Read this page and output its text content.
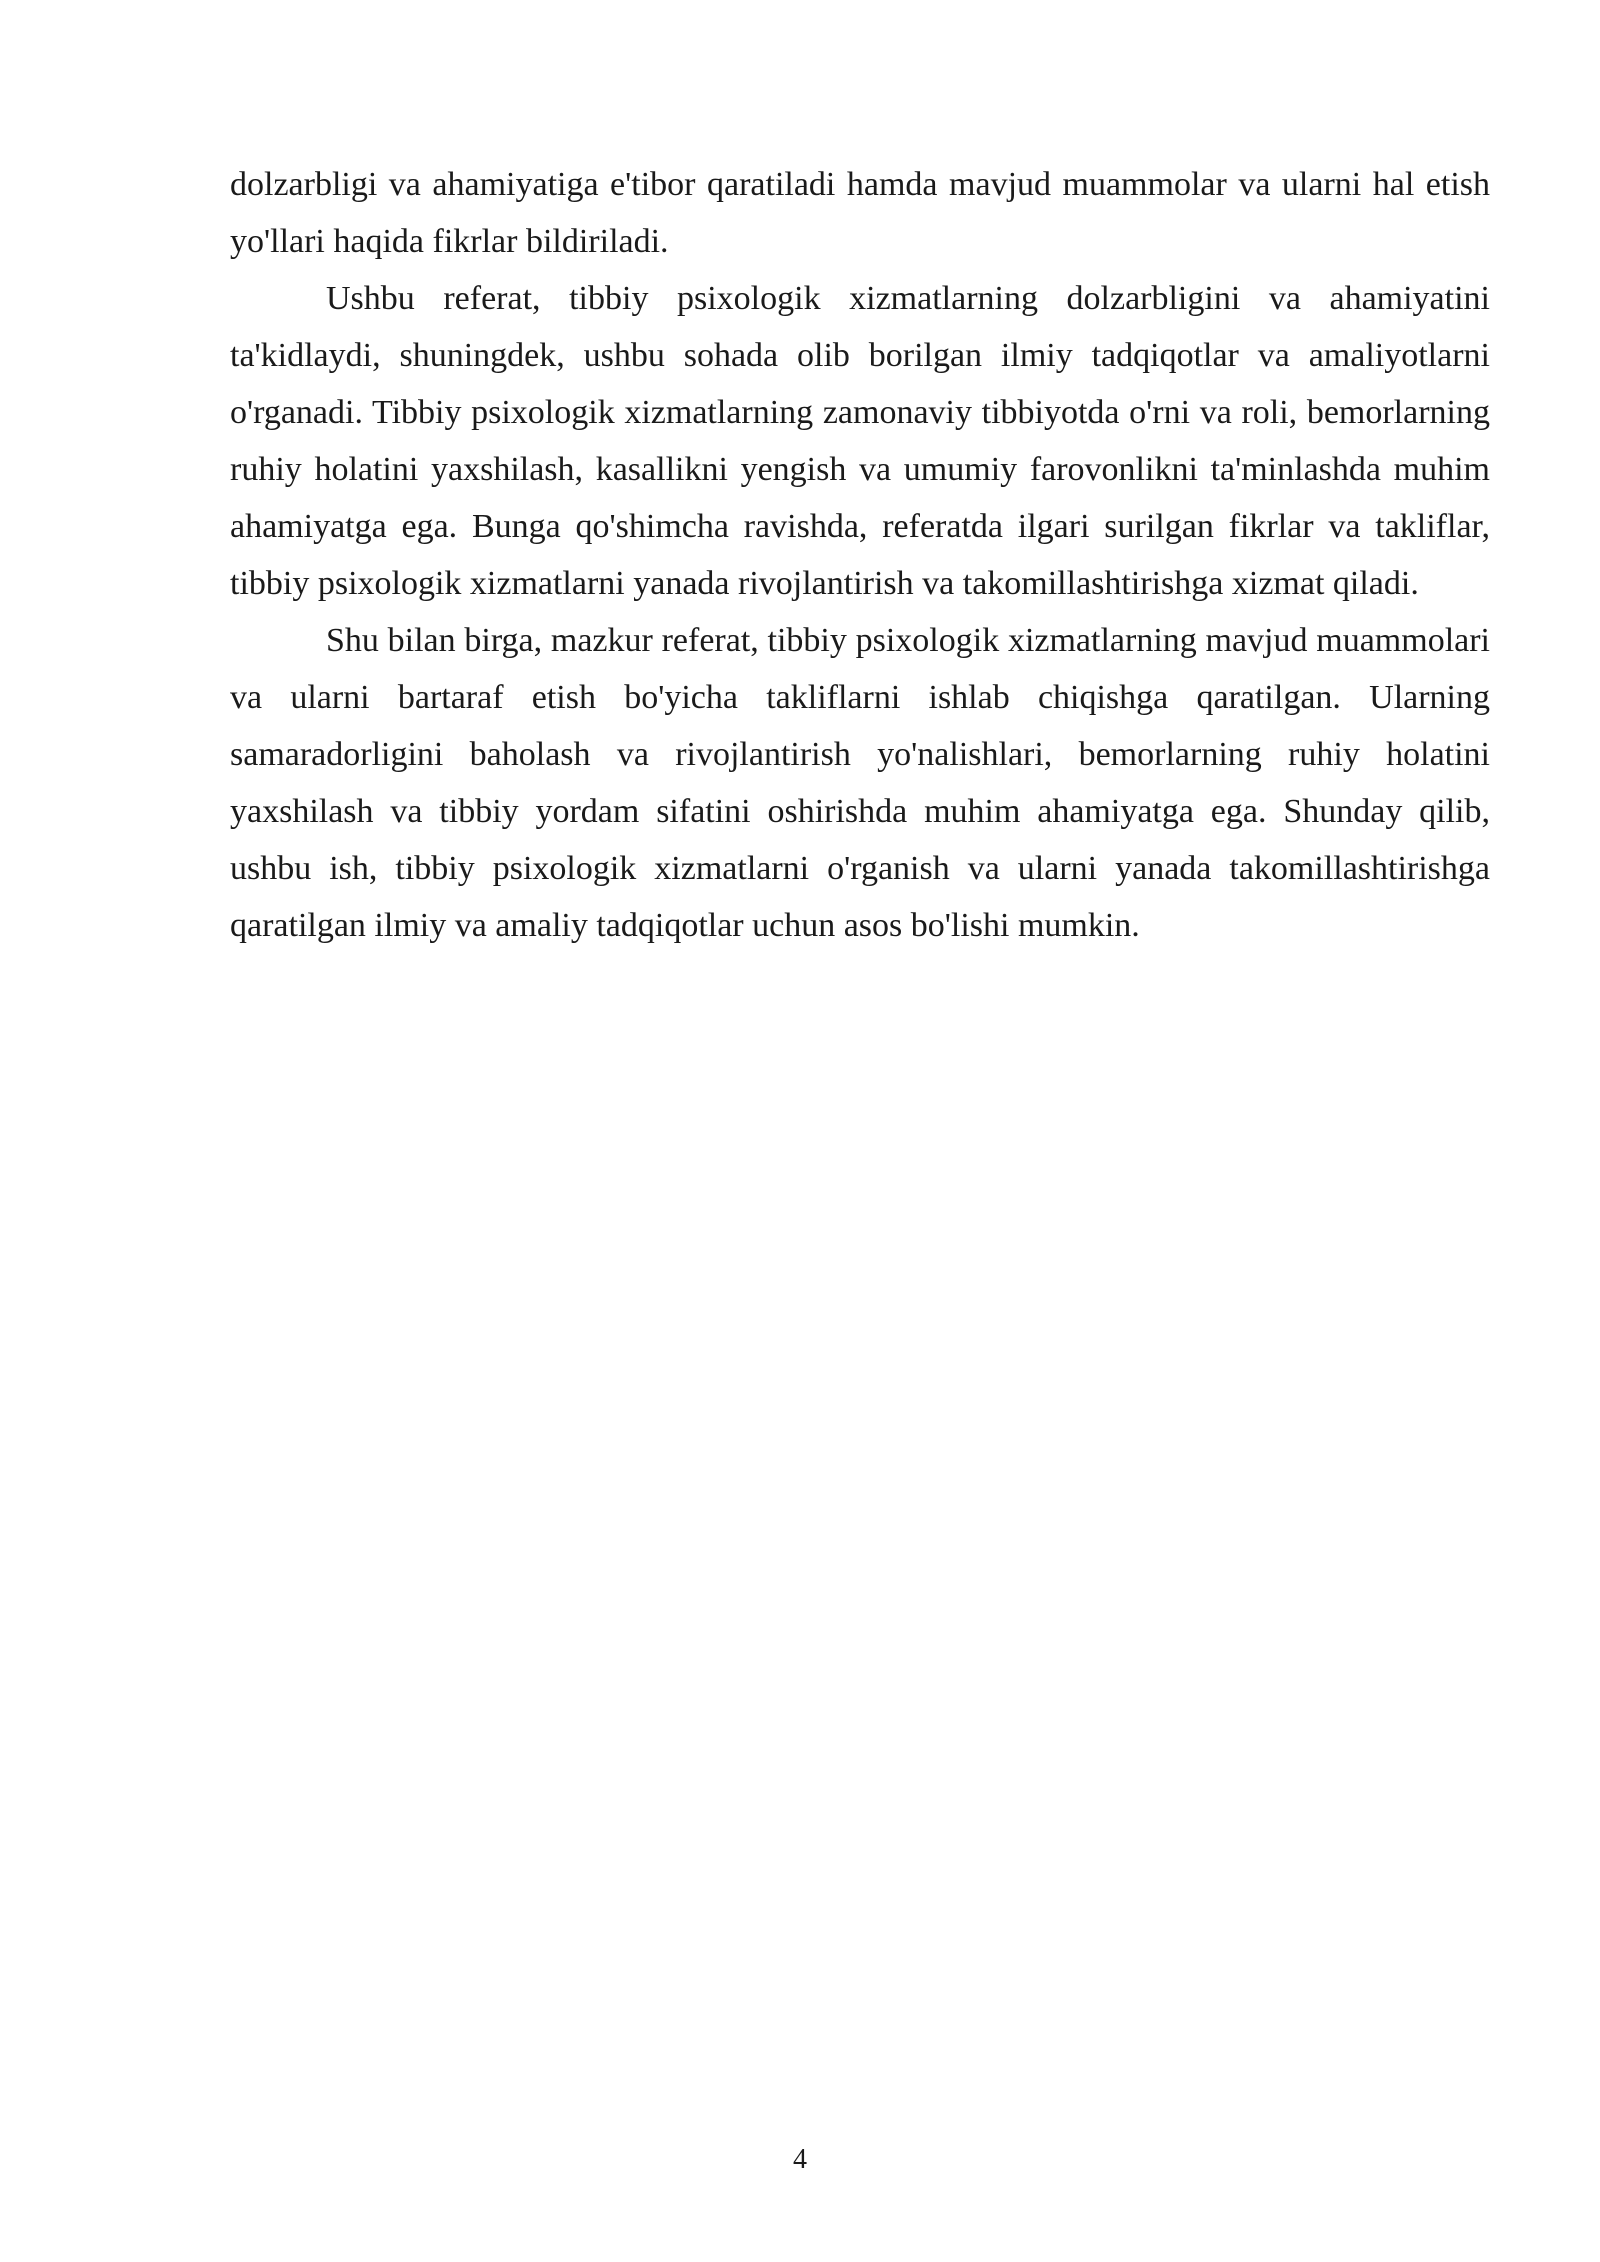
dolzarbligi va ahamiyatiga e'tibor qaratiladi hamda mavjud muammolar va ularni hal etish yo'llari haqida fikrlar bildiriladi.

Ushbu referat, tibbiy psixologik xizmatlarning dolzarbligini va ahamiyatini ta'kidlaydi, shuningdek, ushbu sohada olib borilgan ilmiy tadqiqotlar va amaliyotlarni o'rganadi. Tibbiy psixologik xizmatlarning zamonaviy tibbiyotda o'rni va roli, bemorlarning ruhiy holatini yaxshilash, kasallikni yengish va umumiy farovonlikni ta'minlashda muhim ahamiyatga ega. Bunga qo'shimcha ravishda, referatda ilgari surilgan fikrlar va takliflar, tibbiy psixologik xizmatlarni yanada rivojlantirish va takomillashtirishga xizmat qiladi.

Shu bilan birga, mazkur referat, tibbiy psixologik xizmatlarning mavjud muammolari va ularni bartaraf etish bo'yicha takliflarni ishlab chiqishga qaratilgan. Ularning samaradorligini baholash va rivojlantirish yo'nalishlari, bemorlarning ruhiy holatini yaxshilash va tibbiy yordam sifatini oshirishda muhim ahamiyatga ega. Shunday qilib, ushbu ish, tibbiy psixologik xizmatlarni o'rganish va ularni yanada takomillashtirishga qaratilgan ilmiy va amaliy tadqiqotlar uchun asos bo'lishi mumkin.

4
